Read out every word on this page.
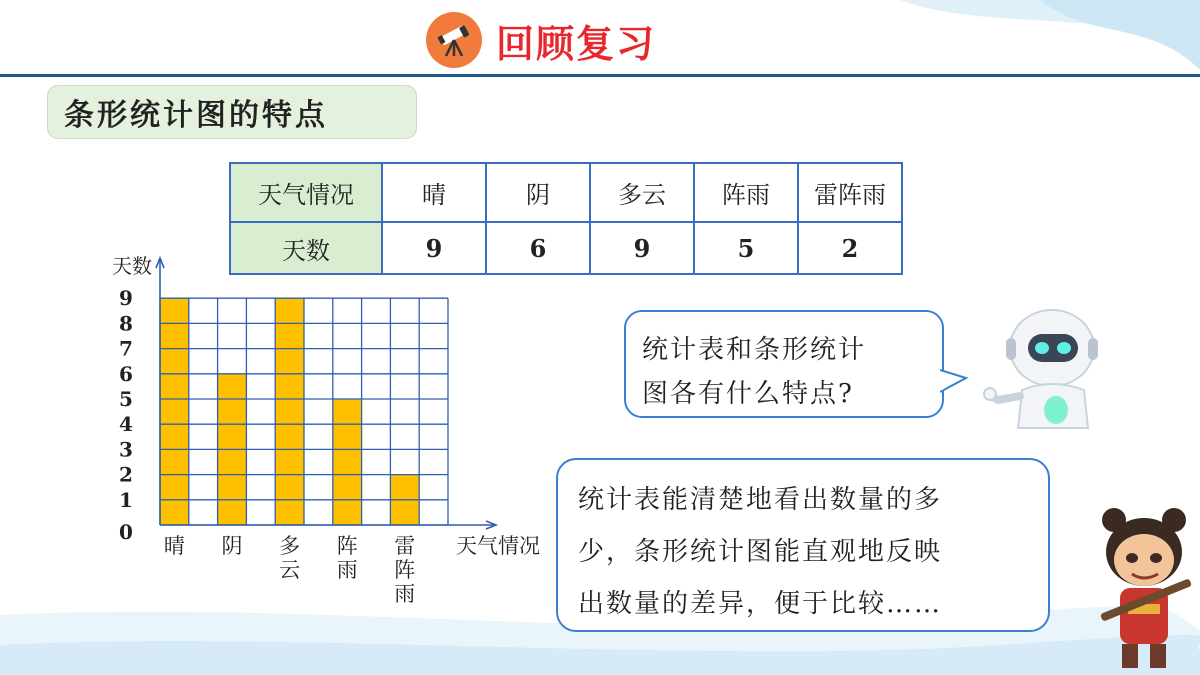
回顾复习
条形统计图的特点
天气情况	晴	阴	多云	阵雨	雷阵雨
天数	9	6	9	5	2
0
1
2
3
4
5
6
7
8
9
天数
晴 阴 多
云
阵
雨
雷
阵
雨
天气情况
统计表和条形统计
图各有什么特点?
统计表能清楚地看出数量的多
少，条形统计图能直观地反映
出数量的差异，便于比较……
